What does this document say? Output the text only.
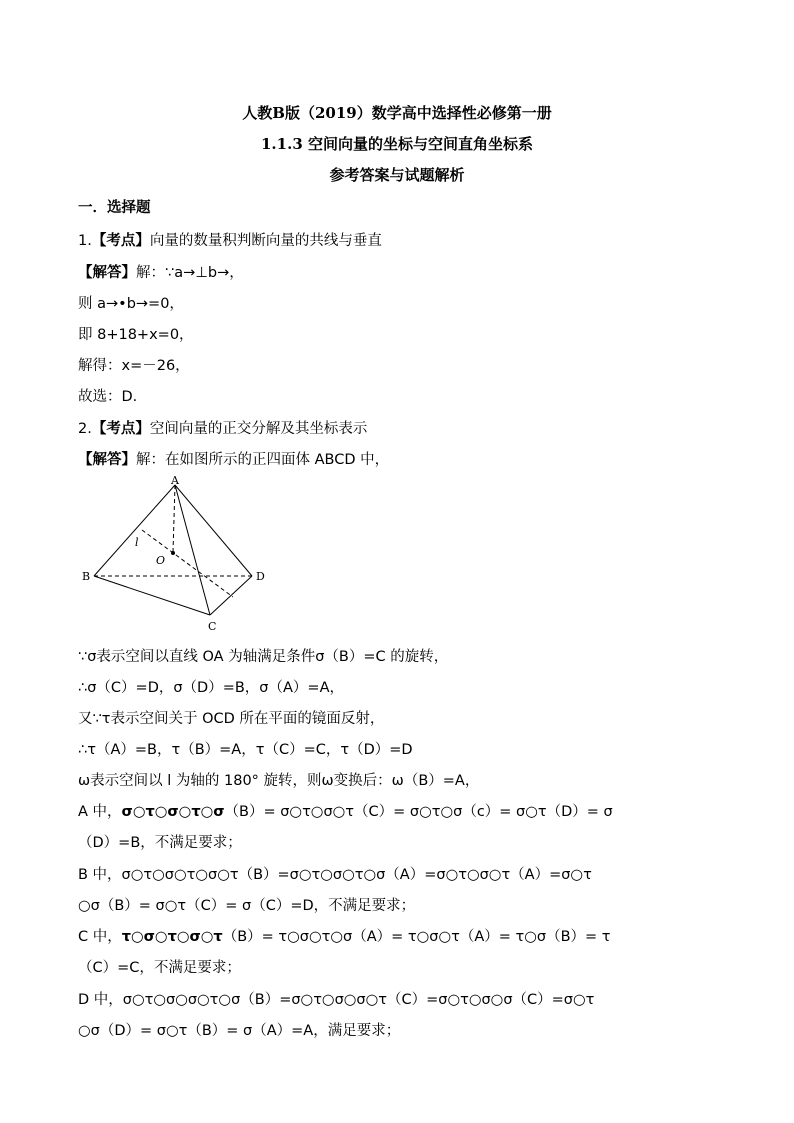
人教B版（2019）数学高中选择性必修第一册
1.1.3 空间向量的坐标与空间直角坐标系
参考答案与试题解析
一．选择题
1.【考点】向量的数量积判断向量的共线与垂直
【解答】解：∵a→⊥b→，
则 a→•b→=0，
即 8+18+x=0，
解得：x=－26，
故选：D.
2.【考点】空间向量的正交分解及其坐标表示
【解答】解：在如图所示的正四面体 ABCD 中，
A
B
C
D
O
l
∵σ表示空间以直线 OA 为轴满足条件σ（B）=C 的旋转，
∴σ（C）=D，σ（D）=B，σ（A）=A，
又∵τ表示空间关于 OCD 所在平面的镜面反射，
∴τ（A）=B，τ（B）=A，τ（C）=C，τ（D）=D
ω表示空间以 l 为轴的 180° 旋转，则ω变换后：ω（B）=A，
A 中，σ○τ○σ○τ○σ（B）= σ○τ○σ○τ（C）= σ○τ○σ（c）= σ○τ（D）= σ
（D）=B，不满足要求；
B 中，σ○τ○σ○τ○σ○τ（B）=σ○τ○σ○τ○σ（A）=σ○τ○σ○τ（A）=σ○τ
○σ（B）= σ○τ（C）= σ（C）=D，不满足要求；
C 中，τ○σ○τ○σ○τ（B）= τ○σ○τ○σ（A）= τ○σ○τ（A）= τ○σ（B）= τ
（C）=C，不满足要求；
D 中，σ○τ○σ○σ○τ○σ（B）=σ○τ○σ○σ○τ（C）=σ○τ○σ○σ（C）=σ○τ
○σ（D）= σ○τ（B）= σ（A）=A，满足要求；
